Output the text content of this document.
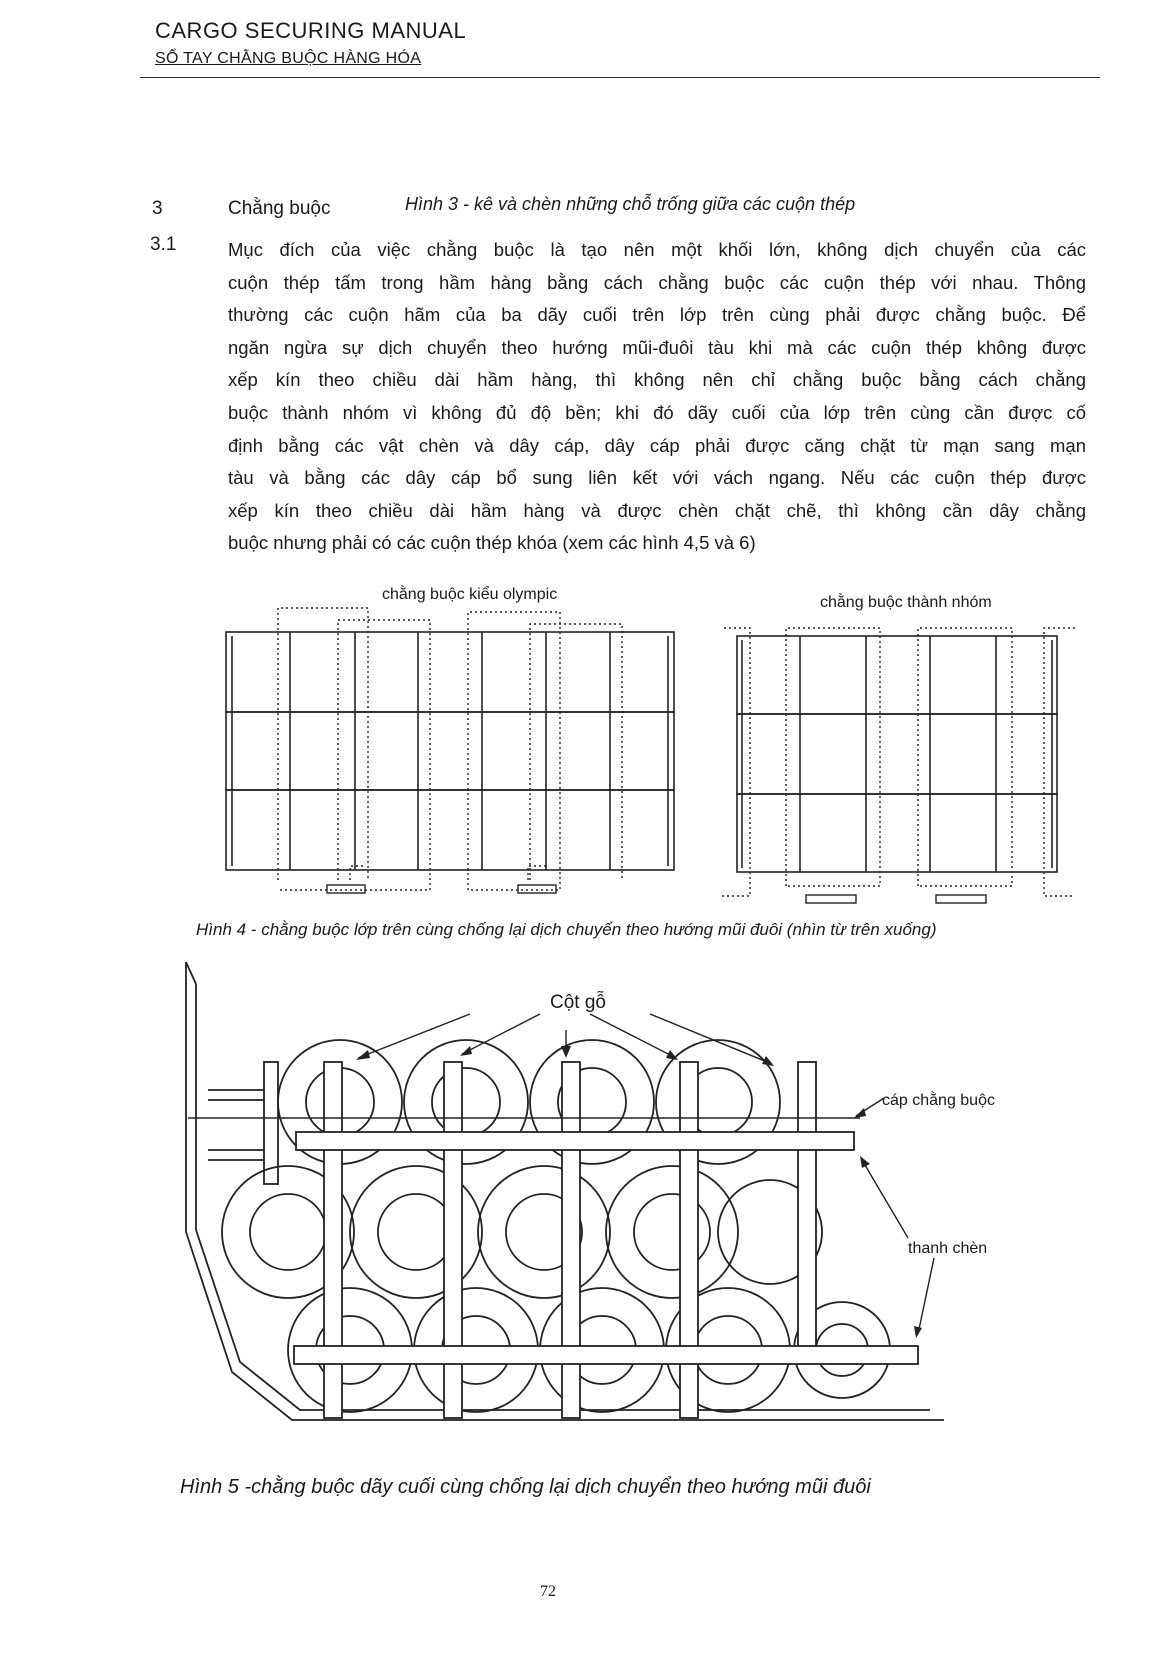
CARGO SECURING MANUAL
SỔ TAY CHẰNG BUỘC HÀNG HÓA
3	Chằng buộc	Hình 3 - kê và chèn những chỗ trống giữa các cuộn thép
3.1	Mục đích của việc chằng buộc là tạo nên một khối lớn, không dịch chuyển của các

cuộn thép tấm trong hầm hàng bằng cách chằng buộc các cuộn thép với nhau. Thông

thường các cuộn hãm của ba dãy cuối trên lớp trên cùng phải được chằng buộc. Để

ngăn ngừa sự dịch chuyển theo hướng mũi-đuôi tàu khi mà các cuộn thép không được

xếp kín theo chiều dài hầm hàng, thì không nên chỉ chằng buộc bằng cách chằng

buộc thành nhóm vì không đủ độ bền; khi đó dãy cuối của lớp trên cùng cần được cố

định bằng các vật chèn và dây cáp, dây cáp phải được căng chặt từ mạn sang mạn

tàu và bằng các dây cáp bổ sung liên kết với vách ngang. Nếu các cuộn thép được

xếp kín theo chiều dài hầm hàng và được chèn chặt chẽ, thì không cần dây chằng

buộc nhưng phải có các cuộn thép khóa (xem các hình 4,5 và 6)

chằng buộc kiểu olympic	chằng buộc thành nhóm
Hình 4 - chằng buộc lớp trên cùng chống lại dịch chuyển theo hướng mũi đuôi (nhìn từ trên xuống)
Cột gỗ
cáp chằng buộc
thanh chèn
Hình 5 -chằng buộc dãy cuối cùng chống lại dịch chuyển theo hướng mũi đuôi
72
